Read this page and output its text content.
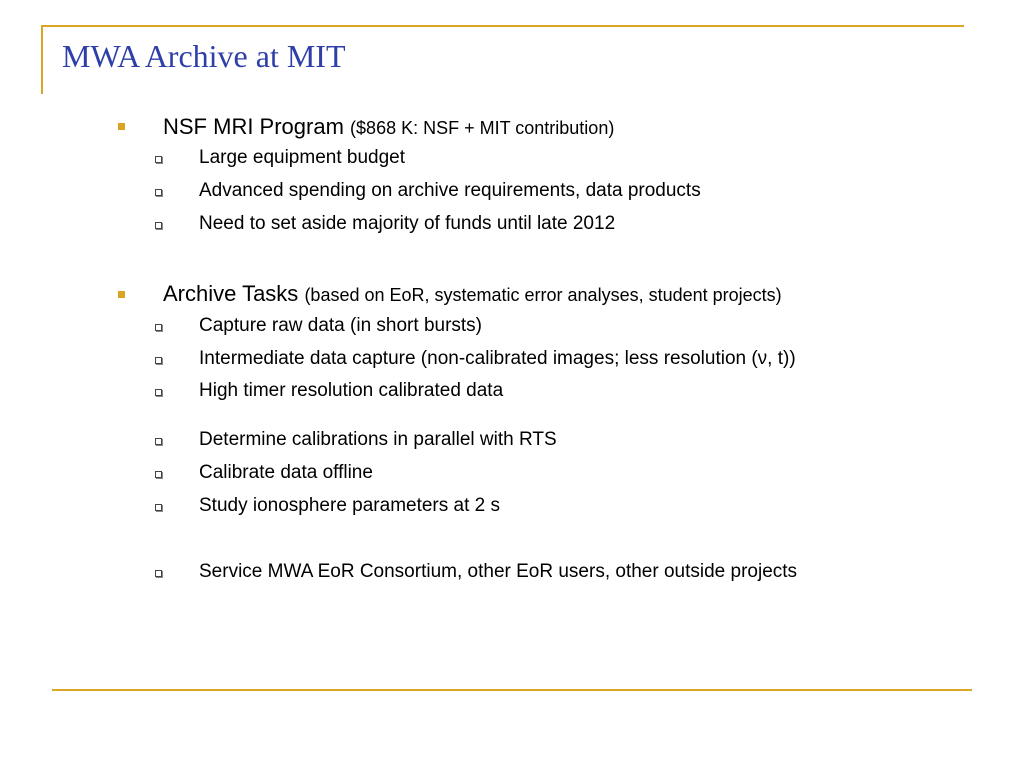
MWA Archive at MIT
NSF MRI Program ($868 K: NSF + MIT contribution)
Large equipment budget
Advanced spending on archive requirements, data products
Need to set aside majority of funds until late 2012
Archive Tasks (based on EoR, systematic error analyses, student projects)
Capture raw data (in short bursts)
Intermediate data capture (non-calibrated images; less resolution (ν, t))
High timer resolution calibrated data
Determine calibrations in parallel with RTS
Calibrate data offline
Study ionosphere parameters at 2 s
Service MWA EoR Consortium, other EoR users, other outside projects
